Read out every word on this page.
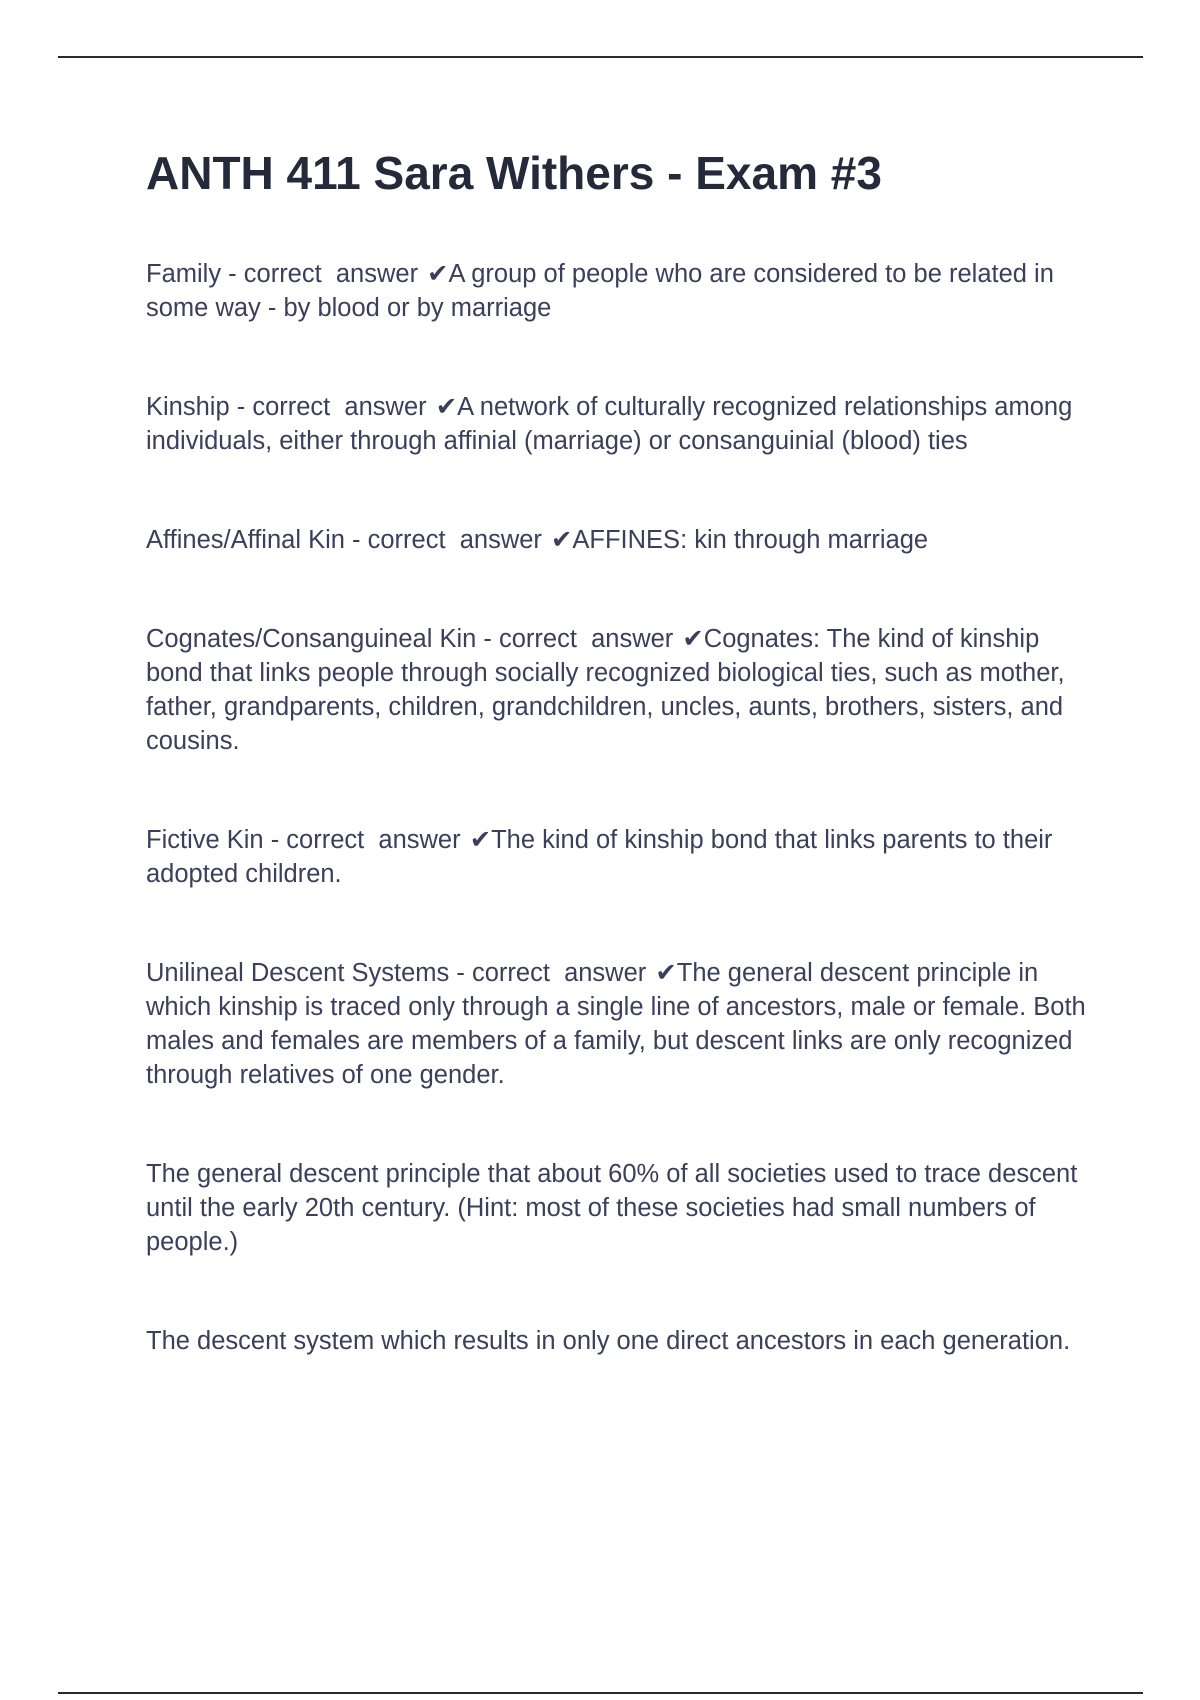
ANTH 411 Sara Withers - Exam #3

Family - correct  answer ✔A group of people who are considered to be related in some way - by blood or by marriage

Kinship - correct  answer ✔A network of culturally recognized relationships among individuals, either through affinial (marriage) or consanguinial (blood) ties

Affines/Affinal Kin - correct  answer ✔AFFINES: kin through marriage

Cognates/Consanguineal Kin - correct  answer ✔Cognates: The kind of kinship bond that links people through socially recognized biological ties, such as mother, father, grandparents, children, grandchildren, uncles, aunts, brothers, sisters, and cousins.

Fictive Kin - correct  answer ✔The kind of kinship bond that links parents to their adopted children.

Unilineal Descent Systems - correct  answer ✔The general descent principle in which kinship is traced only through a single line of ancestors, male or female. Both males and females are members of a family, but descent links are only recognized through relatives of one gender.

The general descent principle that about 60% of all societies used to trace descent until the early 20th century. (Hint: most of these societies had small numbers of people.)

The descent system which results in only one direct ancestors in each generation.
